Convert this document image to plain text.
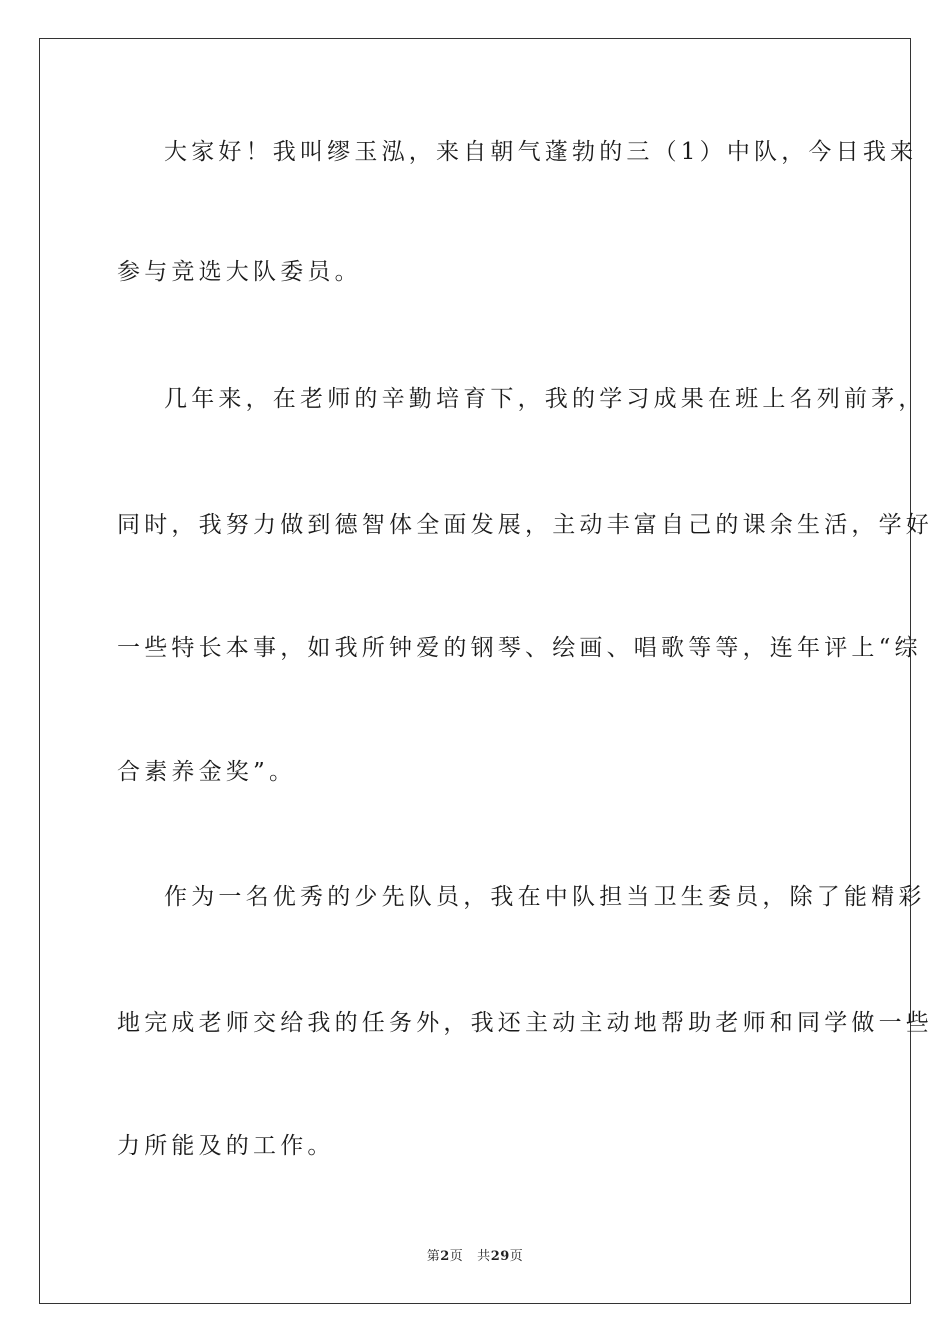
大家好！我叫缪玉泓，来自朝气蓬勃的三（1）中队，今日我来
参与竞选大队委员。
几年来，在老师的辛勤培育下，我的学习成果在班上名列前茅，
同时，我努力做到德智体全面发展，主动丰富自己的课余生活，学好
一些特长本事，如我所钟爱的钢琴、绘画、唱歌等等，连年评上“综
合素养金奖”。
作为一名优秀的少先队员，我在中队担当卫生委员，除了能精彩
地完成老师交给我的任务外，我还主动主动地帮助老师和同学做一些
力所能及的工作。
第2页 共29页
